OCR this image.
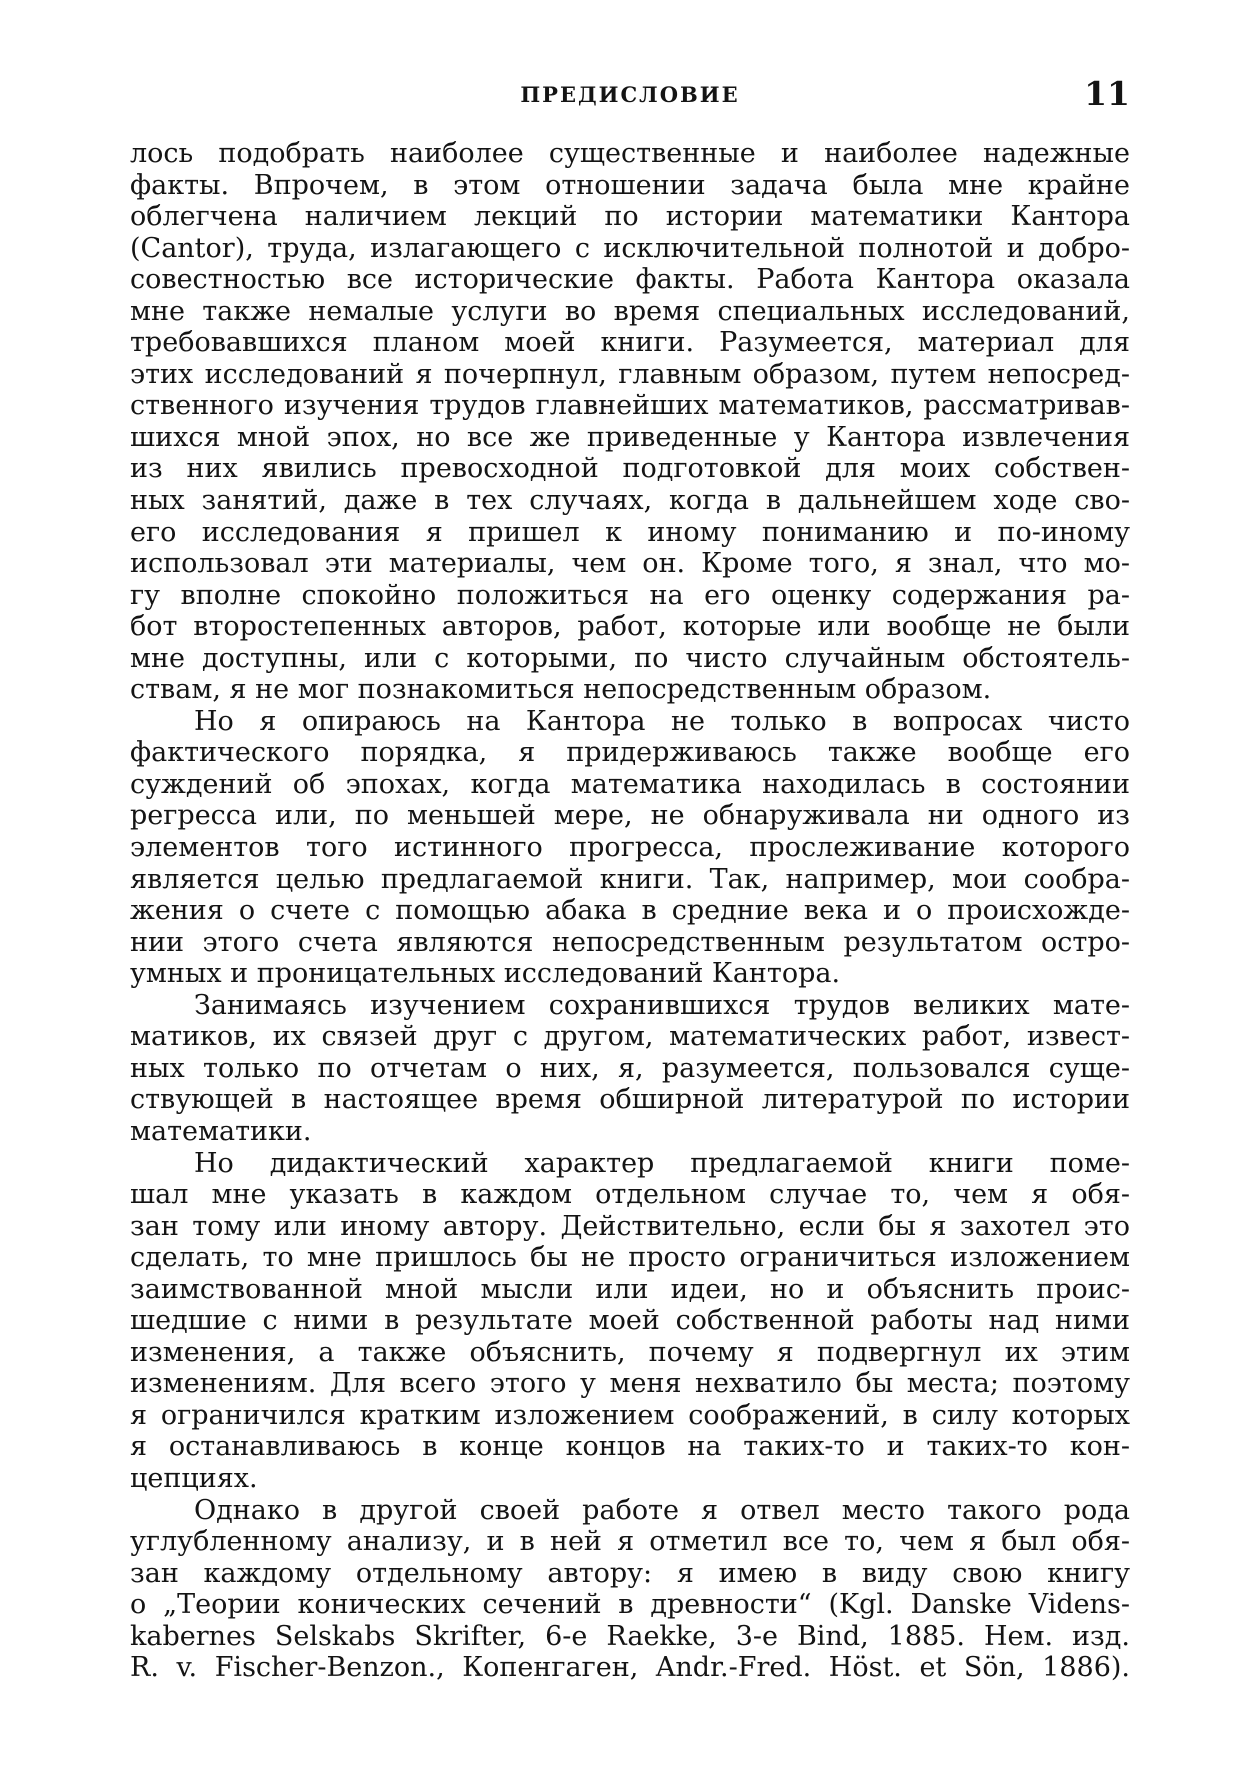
ПРЕДИСЛОВИЕ	11
лось подобрать наиболее существенные и наиболее надежные
факты. Впрочем, в этом отношении задача была мне крайне
облегчена наличием лекций по истории математики Кантора
(Cantor), труда, излагающего с исключительной полнотой и добро-
совестностью все исторические факты. Работа Кантора оказала
мне также немалые услуги во время специальных исследований,
требовавшихся планом моей книги. Разумеется, материал для
этих исследований я почерпнул, главным образом, путем непосред-
ственного изучения трудов главнейших математиков, рассматривав-
шихся мной эпох, но все же приведенные у Кантора извлечения
из них явились превосходной подготовкой для моих собствен-
ных занятий, даже в тех случаях, когда в дальнейшем ходе сво-
его исследования я пришел к иному пониманию и по-иному
использовал эти материалы, чем он. Кроме того, я знал, что мо-
гу вполне спокойно положиться на его оценку содержания ра-
бот второстепенных авторов, работ, которые или вообще не были
мне доступны, или с которыми, по чисто случайным обстоятель-
ствам, я не мог познакомиться непосредственным образом.
Но я опираюсь на Кантора не только в вопросах чисто
фактического порядка, я придерживаюсь также вообще его
суждений об эпохах, когда математика находилась в состоянии
регресса или, по меньшей мере, не обнаруживала ни одного из
элементов того истинного прогресса, прослеживание которого
является целью предлагаемой книги. Так, например, мои сообра-
жения о счете с помощью абака в средние века и о происхожде-
нии этого счета являются непосредственным результатом остро-
умных и проницательных исследований Кантора.
Занимаясь изучением сохранившихся трудов великих мате-
матиков, их связей друг с другом, математических работ, извест-
ных только по отчетам о них, я, разумеется, пользовался суще-
ствующей в настоящее время обширной литературой по истории
математики.
Но дидактический характер предлагаемой книги поме-
шал мне указать в каждом отдельном случае то, чем я обя-
зан тому или иному автору. Действительно, если бы я захотел это
сделать, то мне пришлось бы не просто ограничиться изложением
заимствованной мной мысли или идеи, но и объяснить проис-
шедшие с ними в результате моей собственной работы над ними
изменения, а также объяснить, почему я подвергнул их этим
изменениям. Для всего этого у меня нехватило бы места; поэтому
я ограничился кратким изложением соображений, в силу которых
я останавливаюсь в конце концов на таких-то и таких-то кон-
цепциях.
Однако в другой своей работе я отвел место такого рода
углубленному анализу, и в ней я отметил все то, чем я был обя-
зан каждому отдельному автору: я имею в виду свою книгу
о „Теории конических сечений в древности“ (Kgl. Danske Videns-
kabernes Selskabs Skrifter, 6-e Raekke, 3-e Bind, 1885. Нем. изд.
R. v. Fischer-Benzon., Копенгаген, Andr.-Fred. Höst. et Sön, 1886).
